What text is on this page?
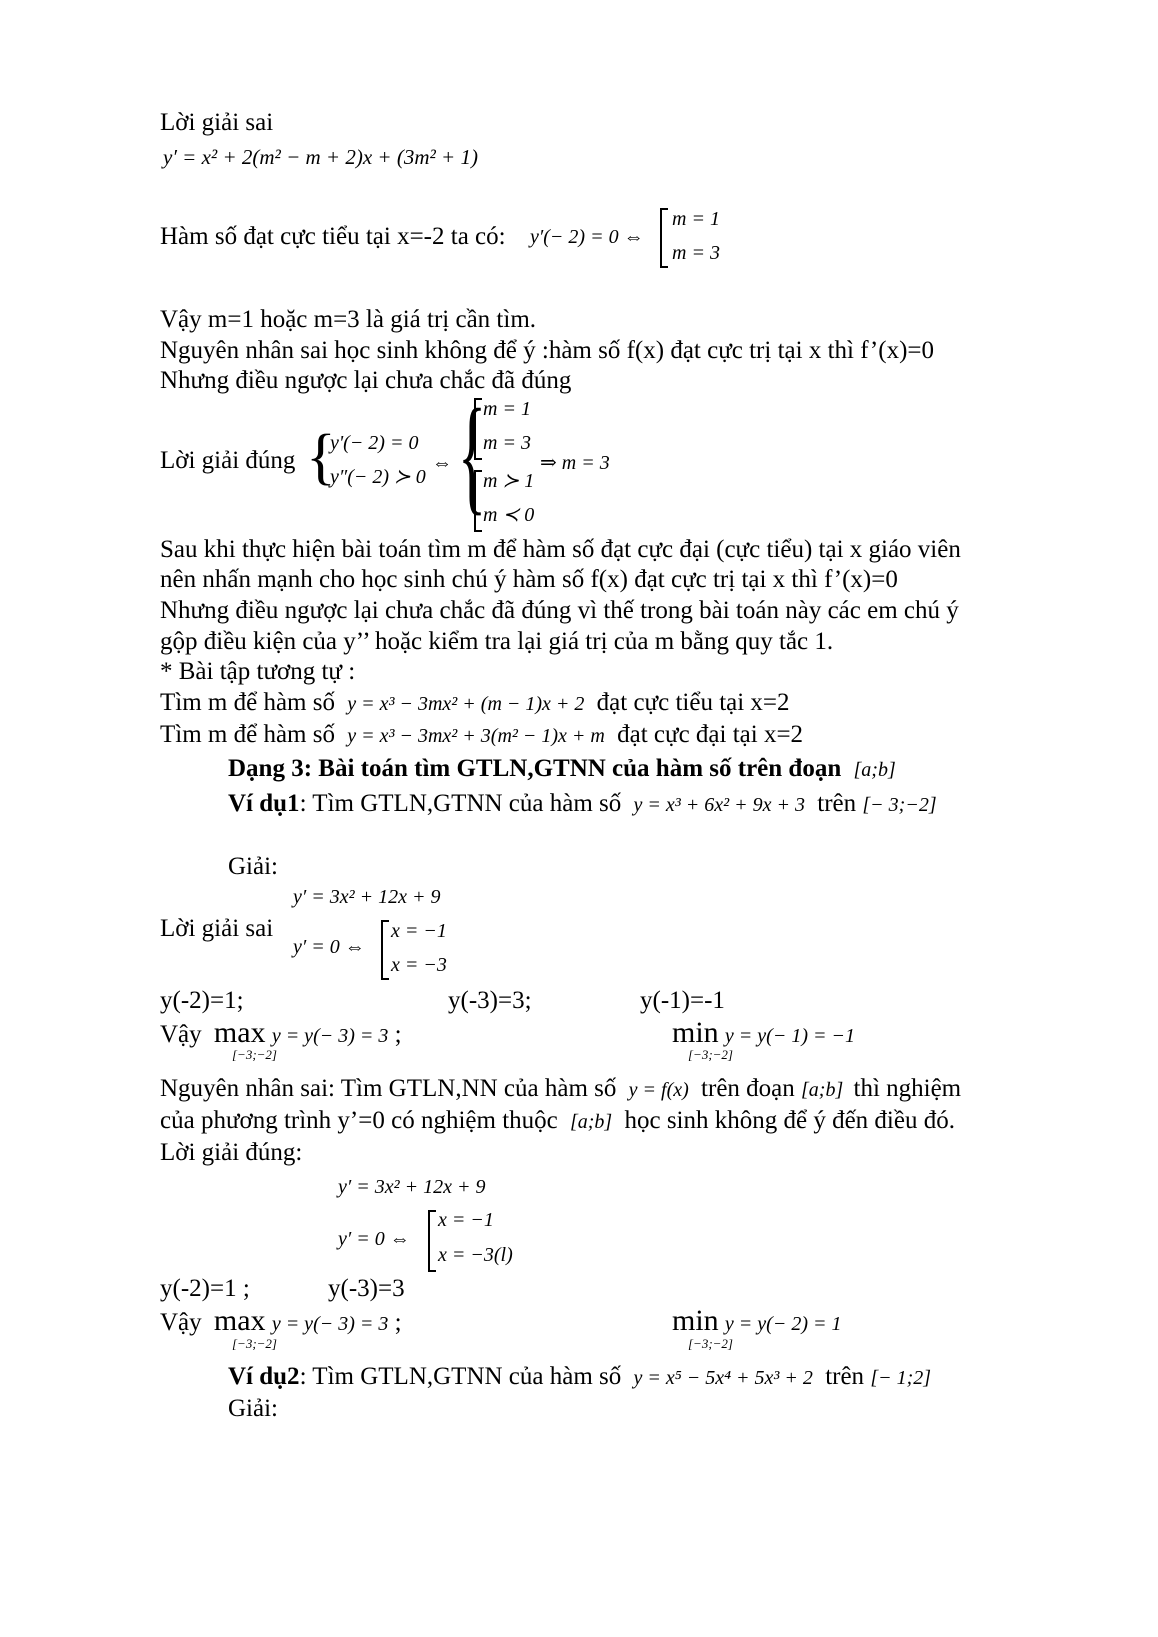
Lời giải sai
y′ = x² + 2(m² − m + 2)x + (3m² + 1)
Hàm số đạt cực tiểu tại x=-2 ta có: y′(− 2) = 0 ⇔
m = 1
m = 3
Vậy m=1 hoặc m=3 là giá trị cần tìm.
Nguyên nhân sai học sinh không để ý :hàm số f(x) đạt cực trị tại x thì f’(x)=0
Nhưng điều ngược lại chưa chắc đã đúng
Lời giải đúng {
y'(− 2) = 0
y″(− 2) ≻ 0
⇔ {
m = 1
m = 3
m ≻ 1
m ≺ 0
⇒ m = 3
Sau khi thực hiện bài toán tìm m để hàm số đạt cực đại (cực tiểu) tại x giáo viên
nên nhấn mạnh cho học sinh chú ý hàm số f(x) đạt cực trị tại x thì f’(x)=0
Nhưng điều ngược lại chưa chắc đã đúng vì thế trong bài toán này các em chú ý
gộp điều kiện của y’’ hoặc kiểm tra lại giá trị của m bằng quy tắc 1.
* Bài tập tương tự :
Tìm m để hàm số y = x³ − 3mx² + (m − 1)x + 2 đạt cực tiểu tại x=2
Tìm m để hàm số y = x³ − 3mx² + 3(m² − 1)x + m đạt cực đại tại x=2
Dạng 3: Bài toán tìm GTLN,GTNN của hàm số trên đoạn [a;b]
Ví dụ1: Tìm GTLN,GTNN của hàm số y = x³ + 6x² + 9x + 3 trên [− 3;−2]
Giải:
y′ = 3x² + 12x + 9
Lời giải sai
y′ = 0 ⇔
x = −1
x = −3
y(-2)=1;	y(-3)=3;	y(-1)=-1
Vậy max y = y(− 3) = 3 ;
[−3;−2]
min y = y(− 1) = −1
[−3;−2]
Nguyên nhân sai: Tìm GTLN,NN của hàm số y = f(x) trên đoạn [a;b] thì nghiệm
của phương trình y’=0 có nghiệm thuộc [a;b] học sinh không để ý đến điều đó.
Lời giải đúng:
y′ = 3x² + 12x + 9
y′ = 0 ⇔
x = −1
x = −3(l)
y(-2)=1 ;	y(-3)=3
Vậy max y = y(− 3) = 3 ;
[−3;−2]
min y = y(− 2) = 1
[−3;−2]
Ví dụ2: Tìm GTLN,GTNN của hàm số y = x⁵ − 5x⁴ + 5x³ + 2 trên [− 1;2]
Giải:
